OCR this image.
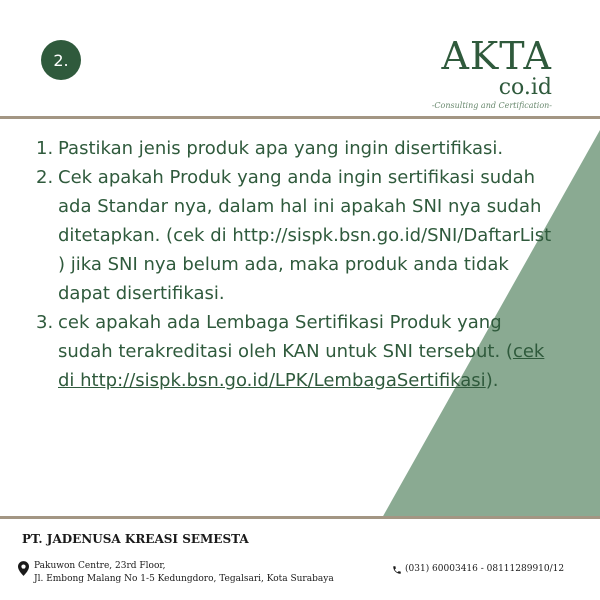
2.	AKTA
co.id
-Consulting and Certification-
1. Pastikan jenis produk apa yang ingin disertifikasi.
2. Cek apakah Produk yang anda ingin sertifikasi sudah ada Standar nya, dalam hal ini apakah SNI nya sudah ditetapkan. (cek di http://sispk.bsn.go.id/SNI/DaftarList ) jika SNI nya belum ada, maka produk anda tidak dapat disertifikasi.
3. cek apakah ada Lembaga Sertifikasi Produk yang sudah terakreditasi oleh KAN untuk SNI tersebut. (cek di http://sispk.bsn.go.id/LPK/LembagaSertifikasi).
PT. JADENUSA KREASI SEMESTA
Pakuwon Centre, 23rd Floor,
Jl. Embong Malang No 1-5 Kedungdoro, Tegalsari, Kota Surabaya
(031) 60003416 - 08111289910/12
